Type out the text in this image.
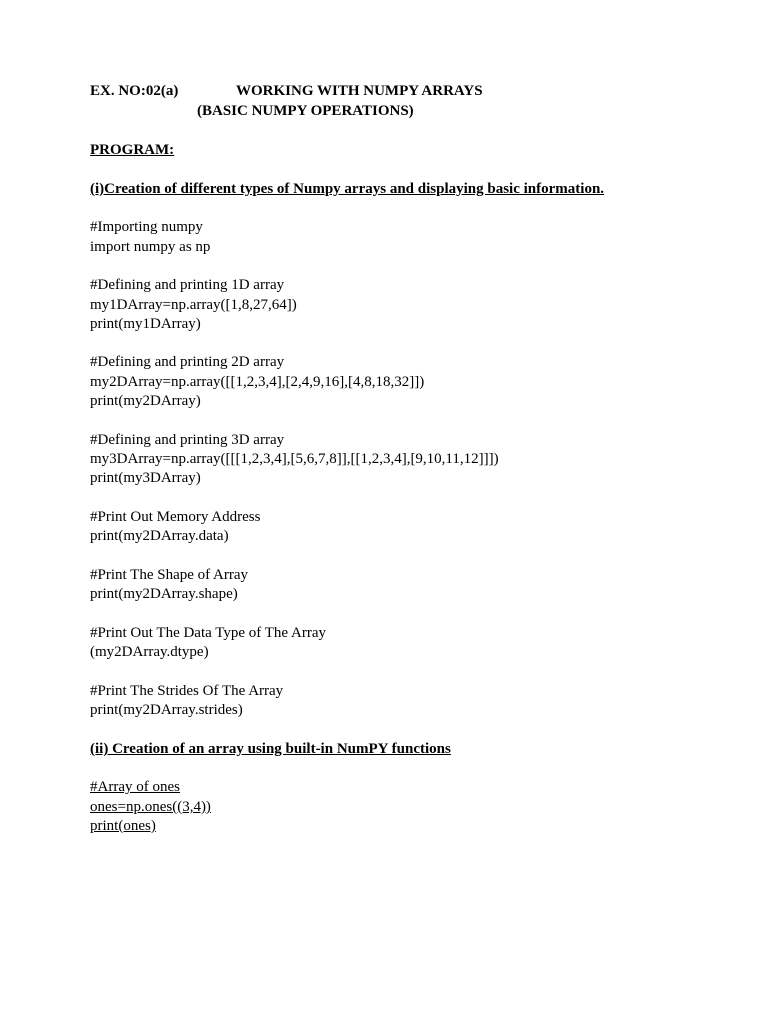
EX. NO:02(a)	WORKING WITH NUMPY ARRAYS
(BASIC NUMPY OPERATIONS)
PROGRAM:
(i)Creation of different types of Numpy arrays and displaying basic information.
#Importing numpy
import numpy as np
#Defining and printing 1D array
my1DArray=np.array([1,8,27,64])
print(my1DArray)
#Defining and printing 2D array
my2DArray=np.array([[1,2,3,4],[2,4,9,16],[4,8,18,32]])
print(my2DArray)
#Defining and printing 3D array
my3DArray=np.array([[[1,2,3,4],[5,6,7,8]],[[1,2,3,4],[9,10,11,12]]])
print(my3DArray)
#Print Out Memory Address
print(my2DArray.data)
#Print The Shape of Array
print(my2DArray.shape)
#Print Out The Data Type of The Array
(my2DArray.dtype)
#Print The Strides Of The Array
print(my2DArray.strides)
(ii) Creation of an array using built-in NumPY functions
#Array of ones
ones=np.ones((3,4))
print(ones)
